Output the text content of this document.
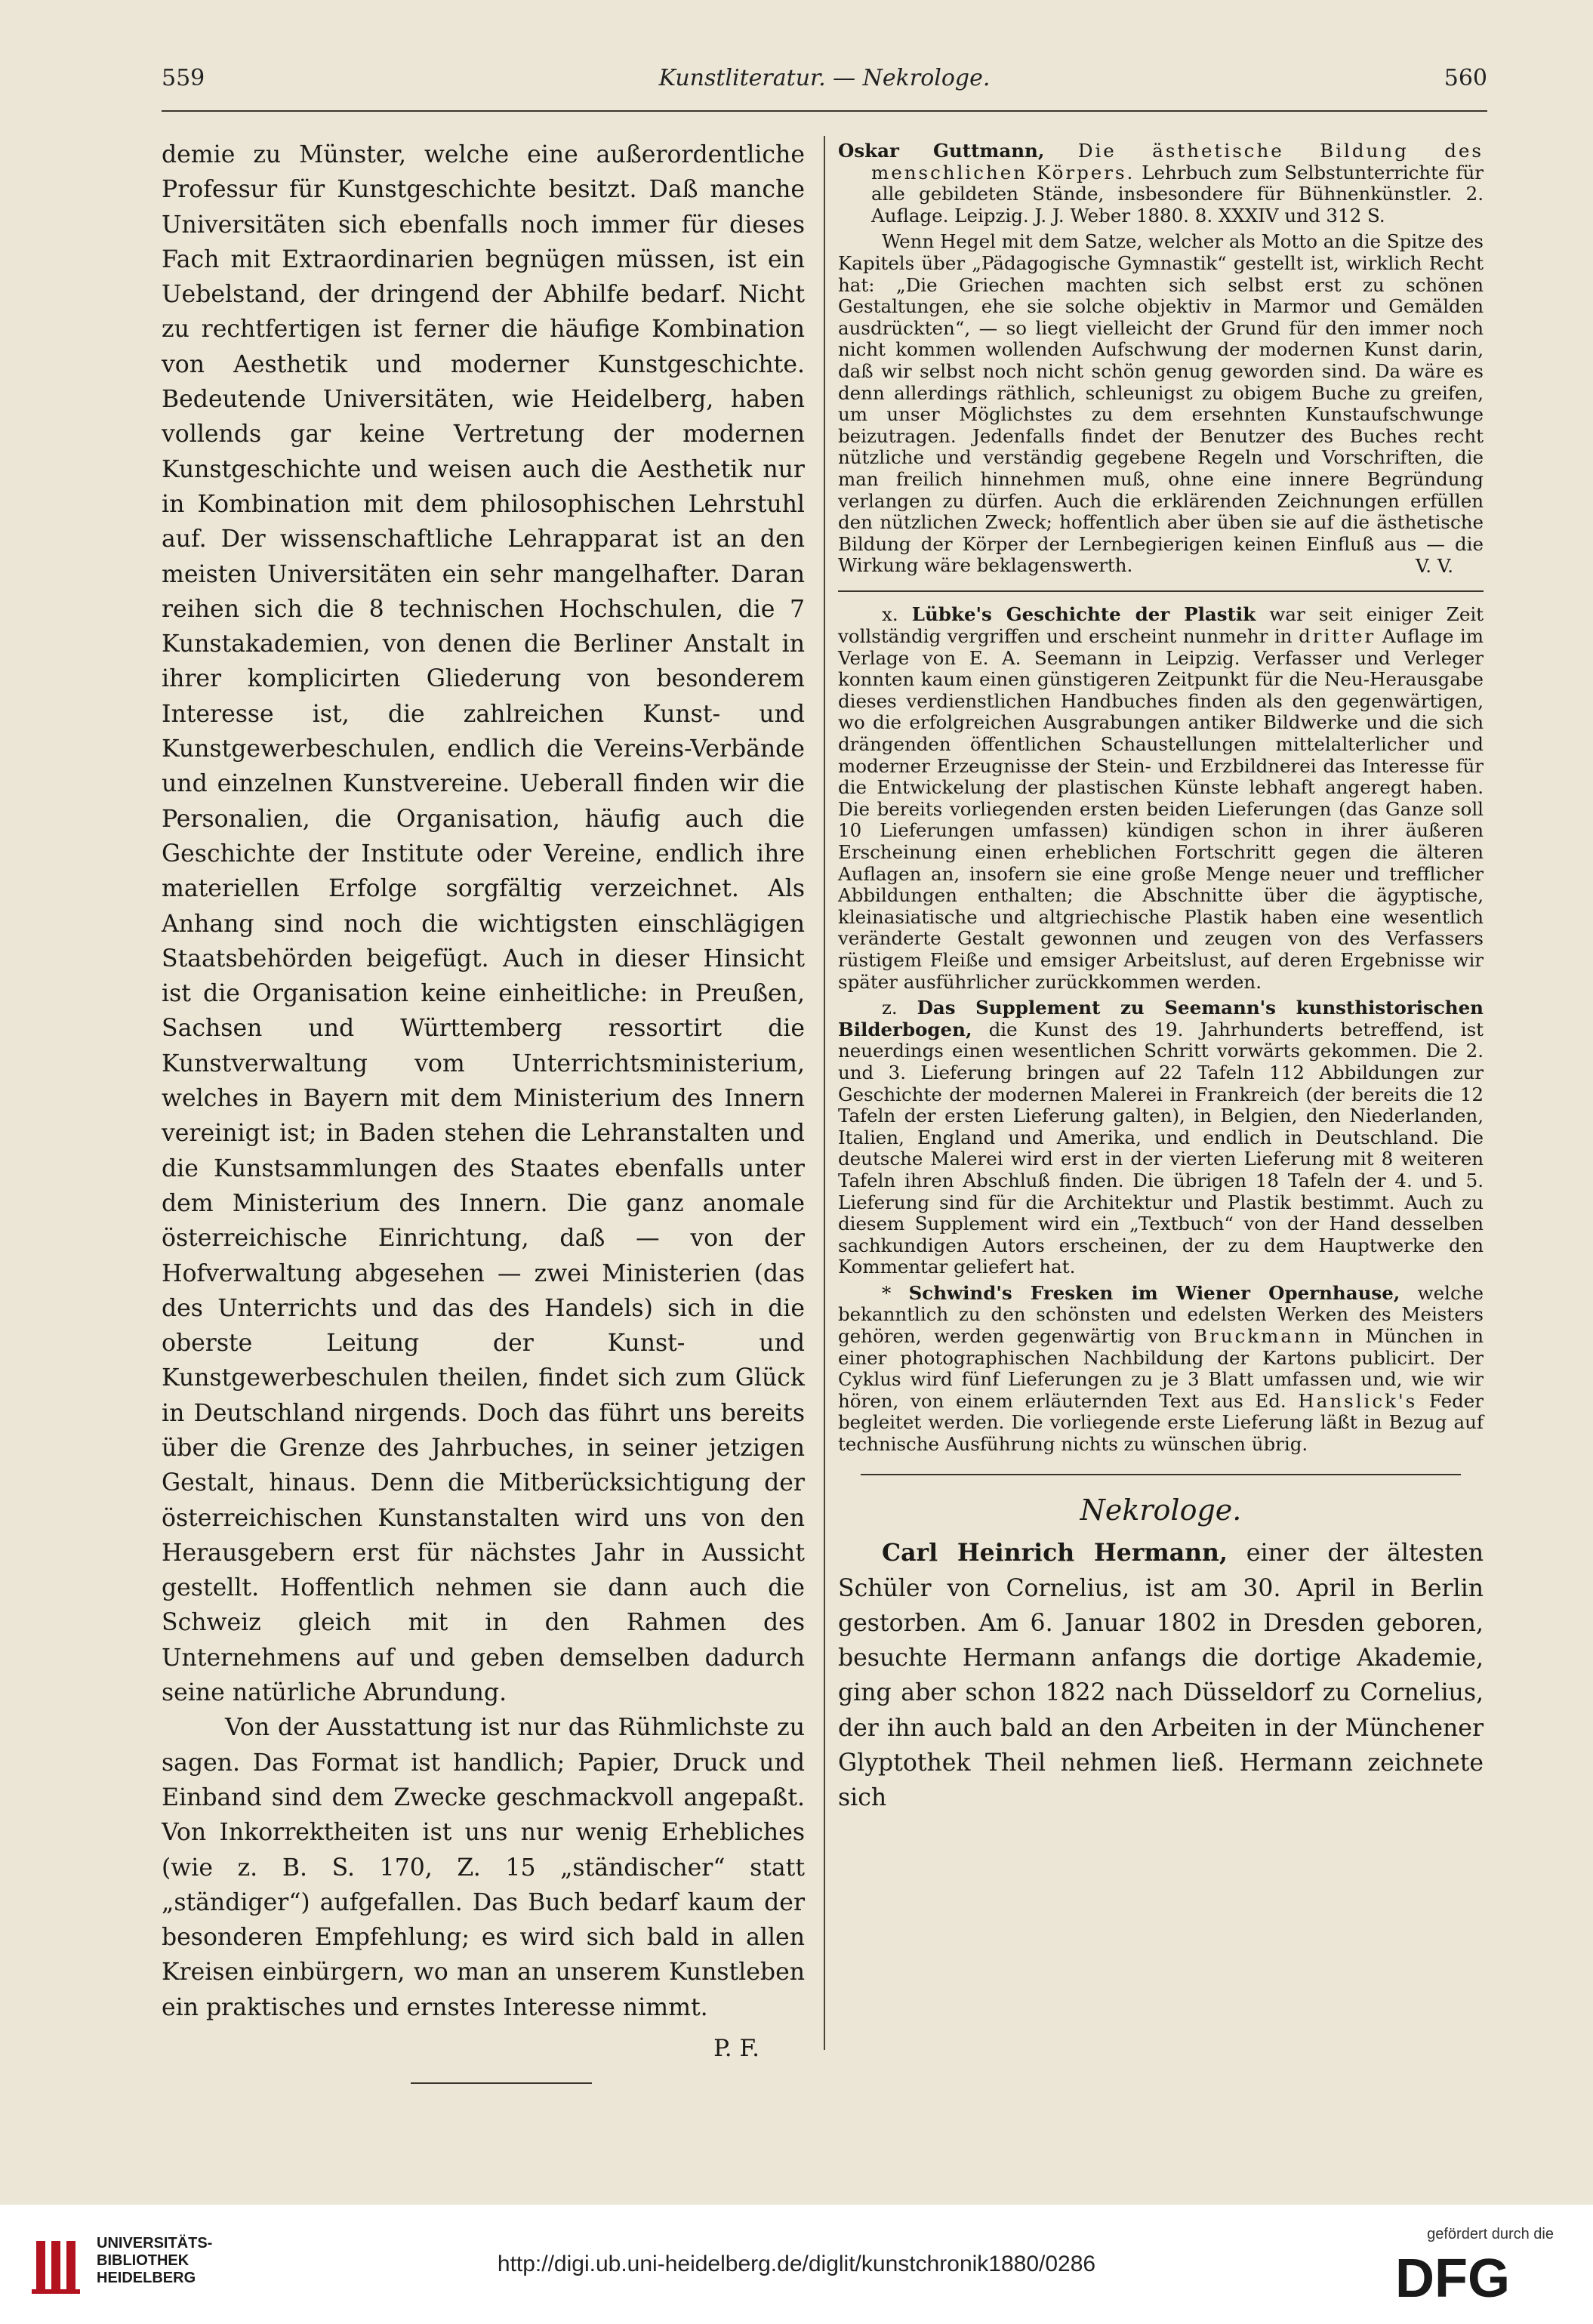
559	Kunstliteratur. — Nekrologe.	560

demie zu Münster, welche eine außerordentliche Professur für Kunstgeschichte besitzt. Daß manche Universitäten sich ebenfalls noch immer für dieses Fach mit Extraordinarien begnügen müssen, ist ein Uebelstand, der dringend der Abhilfe bedarf. Nicht zu rechtfertigen ist ferner die häufige Kombination von Aesthetik und moderner Kunstgeschichte. Bedeutende Universitäten, wie Heidelberg, haben vollends gar keine Vertretung der modernen Kunstgeschichte und weisen auch die Aesthetik nur in Kombination mit dem philosophischen Lehrstuhl auf. Der wissenschaftliche Lehrapparat ist an den meisten Universitäten ein sehr mangelhafter. Daran reihen sich die 8 technischen Hochschulen, die 7 Kunstakademien, von denen die Berliner Anstalt in ihrer komplicirten Gliederung von besonderem Interesse ist, die zahlreichen Kunst- und Kunstgewerbeschulen, endlich die Vereins-Verbände und einzelnen Kunstvereine. Ueberall finden wir die Personalien, die Organisation, häufig auch die Geschichte der Institute oder Vereine, endlich ihre materiellen Erfolge sorgfältig verzeichnet. Als Anhang sind noch die wichtigsten einschlägigen Staatsbehörden beigefügt. Auch in dieser Hinsicht ist die Organisation keine einheitliche: in Preußen, Sachsen und Württemberg ressortirt die Kunstverwaltung vom Unterrichtsministerium, welches in Bayern mit dem Ministerium des Innern vereinigt ist; in Baden stehen die Lehranstalten und die Kunstsammlungen des Staates ebenfalls unter dem Ministerium des Innern. Die ganz anomale österreichische Einrichtung, daß — von der Hofverwaltung abgesehen — zwei Ministerien (das des Unterrichts und das des Handels) sich in die oberste Leitung der Kunst- und Kunstgewerbeschulen theilen, findet sich zum Glück in Deutschland nirgends. Doch das führt uns bereits über die Grenze des Jahrbuches, in seiner jetzigen Gestalt, hinaus. Denn die Mitberücksichtigung der österreichischen Kunstanstalten wird uns von den Herausgebern erst für nächstes Jahr in Aussicht gestellt. Hoffentlich nehmen sie dann auch die Schweiz gleich mit in den Rahmen des Unternehmens auf und geben demselben dadurch seine natürliche Abrundung.

Von der Ausstattung ist nur das Rühmlichste zu sagen. Das Format ist handlich; Papier, Druck und Einband sind dem Zwecke geschmackvoll angepaßt. Von Inkorrektheiten ist uns nur wenig Erhebliches (wie z. B. S. 170, Z. 15 „ständischer“ statt „ständiger“) aufgefallen. Das Buch bedarf kaum der besonderen Empfehlung; es wird sich bald in allen Kreisen einbürgern, wo man an unserem Kunstleben ein praktisches und ernstes Interesse nimmt.

P. F.

Oskar Guttmann, Die ästhetische Bildung des menschlichen Körpers. Lehrbuch zum Selbstunterrichte für alle gebildeten Stände, insbesondere für Bühnenkünstler. 2. Auflage. Leipzig. J. J. Weber 1880. 8. XXXIV und 312 S.

Wenn Hegel mit dem Satze, welcher als Motto an die Spitze des Kapitels über „Pädagogische Gymnastik“ gestellt ist, wirklich Recht hat: „Die Griechen machten sich selbst erst zu schönen Gestaltungen, ehe sie solche objektiv in Marmor und Gemälden ausdrückten“, — so liegt vielleicht der Grund für den immer noch nicht kommen wollenden Aufschwung der modernen Kunst darin, daß wir selbst noch nicht schön genug geworden sind. Da wäre es denn allerdings räthlich, schleunigst zu obigem Buche zu greifen, um unser Möglichstes zu dem ersehnten Kunstaufschwunge beizutragen. Jedenfalls findet der Benutzer des Buches recht nützliche und verständig gegebene Regeln und Vorschriften, die man freilich hinnehmen muß, ohne eine innere Begründung verlangen zu dürfen. Auch die erklärenden Zeichnungen erfüllen den nützlichen Zweck; hoffentlich aber üben sie auf die ästhetische Bildung der Körper der Lernbegierigen keinen Einfluß aus — die Wirkung wäre beklagenswerth.	V. V.

x. Lübke's Geschichte der Plastik war seit einiger Zeit vollständig vergriffen und erscheint nunmehr in dritter Auflage im Verlage von E. A. Seemann in Leipzig. Verfasser und Verleger konnten kaum einen günstigeren Zeitpunkt für die Neu-Herausgabe dieses verdienstlichen Handbuches finden als den gegenwärtigen, wo die erfolgreichen Ausgrabungen antiker Bildwerke und die sich drängenden öffentlichen Schaustellungen mittelalterlicher und moderner Erzeugnisse der Stein- und Erzbildnerei das Interesse für die Entwickelung der plastischen Künste lebhaft angeregt haben. Die bereits vorliegenden ersten beiden Lieferungen (das Ganze soll 10 Lieferungen umfassen) kündigen schon in ihrer äußeren Erscheinung einen erheblichen Fortschritt gegen die älteren Auflagen an, insofern sie eine große Menge neuer und trefflicher Abbildungen enthalten; die Abschnitte über die ägyptische, kleinasiatische und altgriechische Plastik haben eine wesentlich veränderte Gestalt gewonnen und zeugen von des Verfassers rüstigem Fleiße und emsiger Arbeitslust, auf deren Ergebnisse wir später ausführlicher zurückkommen werden.

z. Das Supplement zu Seemann's kunsthistorischen Bilderbogen, die Kunst des 19. Jahrhunderts betreffend, ist neuerdings einen wesentlichen Schritt vorwärts gekommen. Die 2. und 3. Lieferung bringen auf 22 Tafeln 112 Abbildungen zur Geschichte der modernen Malerei in Frankreich (der bereits die 12 Tafeln der ersten Lieferung galten), in Belgien, den Niederlanden, Italien, England und Amerika, und endlich in Deutschland. Die deutsche Malerei wird erst in der vierten Lieferung mit 8 weiteren Tafeln ihren Abschluß finden. Die übrigen 18 Tafeln der 4. und 5. Lieferung sind für die Architektur und Plastik bestimmt. Auch zu diesem Supplement wird ein „Textbuch“ von der Hand desselben sachkundigen Autors erscheinen, der zu dem Hauptwerke den Kommentar geliefert hat.

* Schwind's Fresken im Wiener Opernhause, welche bekanntlich zu den schönsten und edelsten Werken des Meisters gehören, werden gegenwärtig von Bruckmann in München in einer photographischen Nachbildung der Kartons publicirt. Der Cyklus wird fünf Lieferungen zu je 3 Blatt umfassen und, wie wir hören, von einem erläuternden Text aus Ed. Hanslick's Feder begleitet werden. Die vorliegende erste Lieferung läßt in Bezug auf technische Ausführung nichts zu wünschen übrig.

Nekrologe.

Carl Heinrich Hermann, einer der ältesten Schüler von Cornelius, ist am 30. April in Berlin gestorben. Am 6. Januar 1802 in Dresden geboren, besuchte Hermann anfangs die dortige Akademie, ging aber schon 1822 nach Düsseldorf zu Cornelius, der ihn auch bald an den Arbeiten in der Münchener Glyptothek Theil nehmen ließ. Hermann zeichnete sich

UNIVERSITÄTS-
BIBLIOTHEK
HEIDELBERG
http://digi.ub.uni-heidelberg.de/diglit/kunstchronik1880/0286
gefördert durch die
DFG
